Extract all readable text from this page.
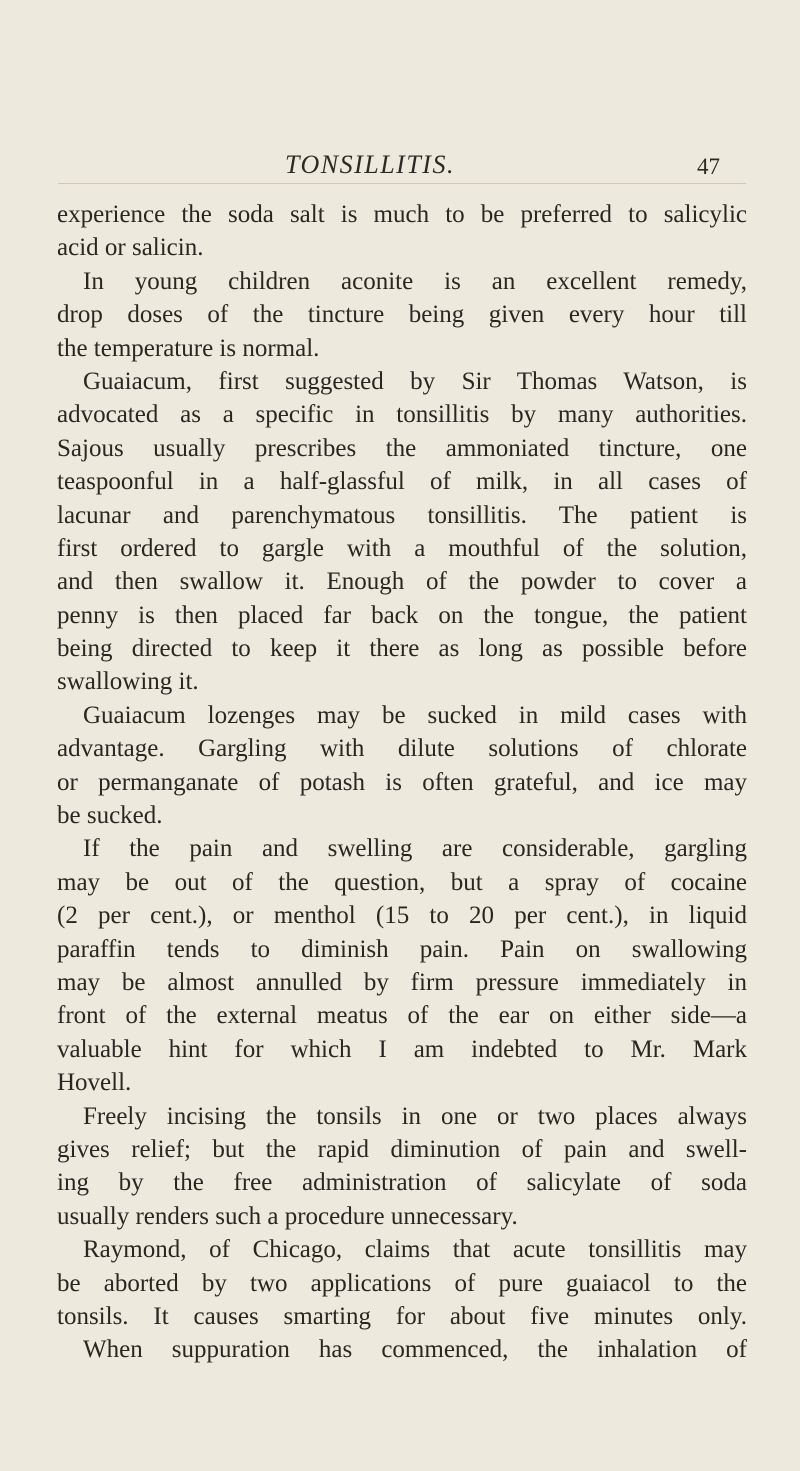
TONSILLITIS.	47
experience the soda salt is much to be preferred to salicylic
acid or salicin.
In young children aconite is an excellent remedy,
drop doses of the tincture being given every hour till
the temperature is normal.
Guaiacum, first suggested by Sir Thomas Watson, is
advocated as a specific in tonsillitis by many authorities.
Sajous usually prescribes the ammoniated tincture, one
teaspoonful in a half-glassful of milk, in all cases of
lacunar and parenchymatous tonsillitis. The patient is
first ordered to gargle with a mouthful of the solution,
and then swallow it. Enough of the powder to cover a
penny is then placed far back on the tongue, the patient
being directed to keep it there as long as possible before
swallowing it.
Guaiacum lozenges may be sucked in mild cases with
advantage. Gargling with dilute solutions of chlorate
or permanganate of potash is often grateful, and ice may
be sucked.
If the pain and swelling are considerable, gargling
may be out of the question, but a spray of cocaine
(2 per cent.), or menthol (15 to 20 per cent.), in liquid
paraffin tends to diminish pain. Pain on swallowing
may be almost annulled by firm pressure immediately in
front of the external meatus of the ear on either side—a
valuable hint for which I am indebted to Mr. Mark
Hovell.
Freely incising the tonsils in one or two places always
gives relief; but the rapid diminution of pain and swell-
ing by the free administration of salicylate of soda
usually renders such a procedure unnecessary.
Raymond, of Chicago, claims that acute tonsillitis may
be aborted by two applications of pure guaiacol to the
tonsils. It causes smarting for about five minutes only.
When suppuration has commenced, the inhalation of
